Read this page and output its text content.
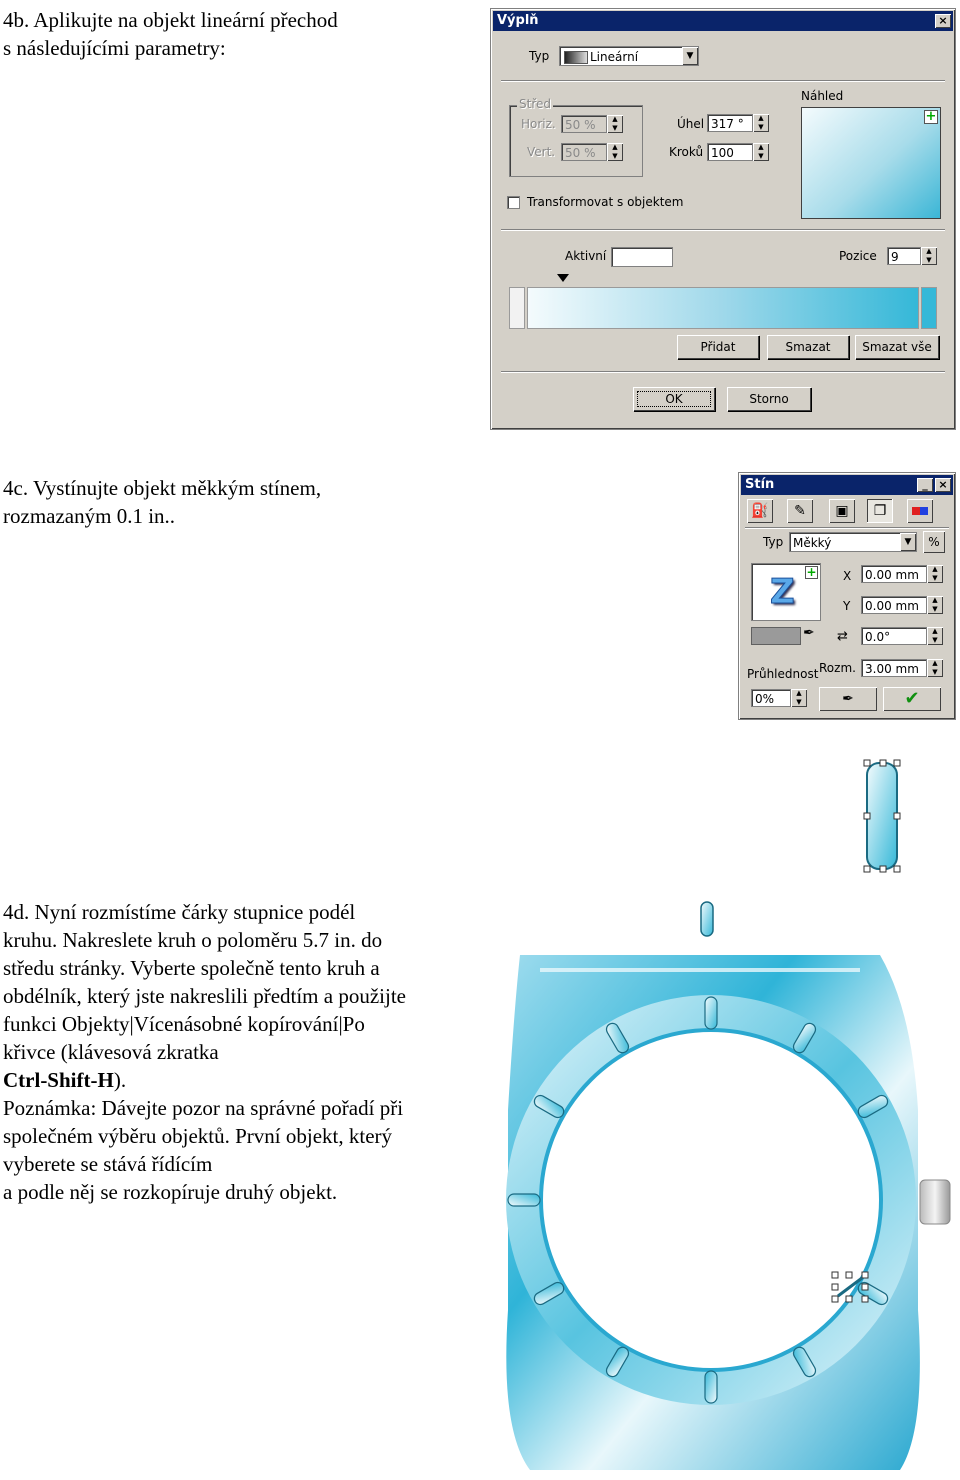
4b. Aplikujte na objekt lineární přechod
s následujícími parametry:
Výplň	×
Typ	Lineární	▼
Střed
Horiz. 50 %	▲
▼
Vert. 50 %	▲
▼
Úhel 317 °	▲
▼
Kroků 100	▲
▼
Náhled
+
Transformovat s objektem
Aktivní	Pozice	9	▲
▼
Přidat	Smazat	Smazat vše
OK	Storno
4c. Vystínujte objekt měkkým stínem,
rozmazaným 0.1 in..
Stín	_ ×
⛽	✎	▣	❐

Typ Měkký	▼	%
Z +
✒
X	0.00 mm	▲
▼
Y	0.00 mm	▲
▼
⇄	0.0°	▲
▼
Rozm. 3.00 mm	▲
▼
Průhlednost
0%	▲
▼	✒	✔
4d. Nyní rozmístíme čárky stupnice podél
kruhu. Nakreslete kruh o poloměru 5.7 in. do
středu stránky. Vyberte společně tento kruh a
obdélník, který jste nakreslili předtím a použijte
funkci Objekty|Vícenásobné kopírování|Po
křivce (klávesová zkratka
Ctrl-Shift-H).
Poznámka: Dávejte pozor na správné pořadí při
společném výběru objektů. První objekt, který
vyberete se stává řídícím
a podle něj se rozkopíruje druhý objekt.
